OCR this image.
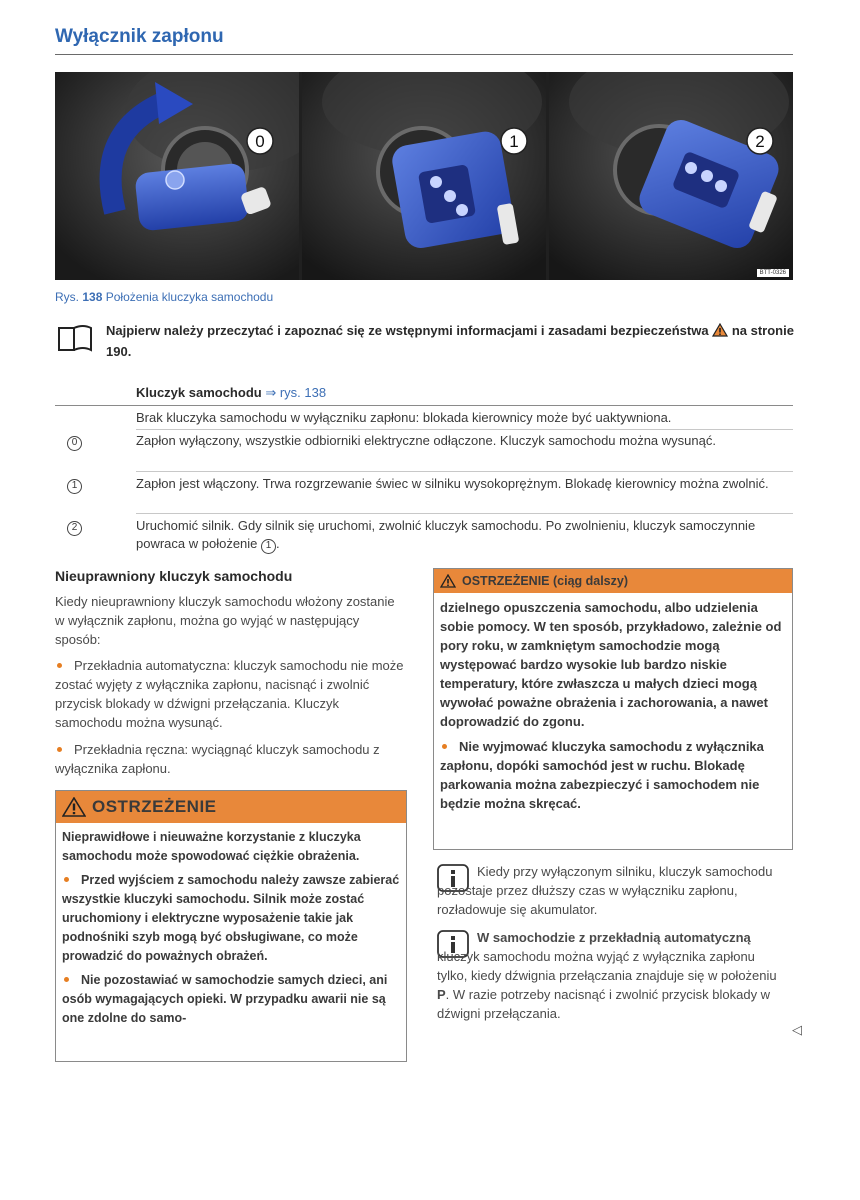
Wyłącznik zapłonu
0	1	2
BTT-0326
Rys. 138 Położenia kluczyka samochodu
Najpierw należy przeczytać i zapoznać się ze wstępnymi informacjami i zasadami bezpieczeństwa na stronie 190.
Kluczyk samochodu ⇒ rys. 138
Brak kluczyka samochodu w wyłączniku zapłonu: blokada kierownicy może być uaktywniona.
0	Zapłon wyłączony, wszystkie odbiorniki elektryczne odłączone. Kluczyk samochodu można wysunąć.
1	Zapłon jest włączony. Trwa rozgrzewanie świec w silniku wysokoprężnym. Blokadę kierownicy można zwolnić.
2	Uruchomić silnik. Gdy silnik się uruchomi, zwolnić kluczyk samochodu. Po zwolnieniu, kluczyk samoczynnie powraca w położenie 1 .
Nieuprawniony kluczyk samochodu
Kiedy nieuprawniony kluczyk samochodu włożony zostanie w wyłącznik zapłonu, można go wyjąć w następujący sposób:
Przekładnia automatyczna: kluczyk samochodu nie może zostać wyjęty z wyłącznika zapłonu, nacisnąć i zwolnić przycisk blokady w dźwigni przełączania. Kluczyk samochodu można wysunąć.
Przekładnia ręczna: wyciągnąć kluczyk samochodu z wyłącznika zapłonu.
OSTRZEŻENIE

Nieprawidłowe i nieuważne korzystanie z kluczyka samochodu może spowodować ciężkie obrażenia.

Przed wyjściem z samochodu należy zawsze zabierać wszystkie kluczyki samochodu. Silnik może zostać uruchomiony i elektryczne wyposażenie takie jak podnośniki szyb mogą być obsługiwane, co może prowadzić do poważnych obrażeń.

Nie pozostawiać w samochodzie samych dzieci, ani osób wymagających opieki. W przypadku awarii nie są one zdolne do samo-

OSTRZEŻENIE (ciąg dalszy)

dzielnego opuszczenia samochodu, albo udzielenia sobie pomocy. W ten sposób, przykładowo, zależnie od pory roku, w zamkniętym samochodzie mogą występować bardzo wysokie lub bardzo niskie temperatury, które zwłaszcza u małych dzieci mogą wywołać poważne obrażenia i zachorowania, a nawet doprowadzić do zgonu.

Nie wyjmować kluczyka samochodu z wyłącznika zapłonu, dopóki samochód jest w ruchu. Blokadę parkowania można zabezpieczyć i samochodem nie będzie można skręcać.

Kiedy przy wyłączonym silniku, kluczyk samochodu pozostaje przez dłuższy czas w wyłączniku zapłonu, rozładowuje się akumulator.
W samochodzie z przekładnią automatyczną kluczyk samochodu można wyjąć z wyłącznika zapłonu tylko, kiedy dźwignia przełączania znajduje się w położeniu P. W razie potrzeby nacisnąć i zwolnić przycisk blokady w dźwigni przełączania.
◁
